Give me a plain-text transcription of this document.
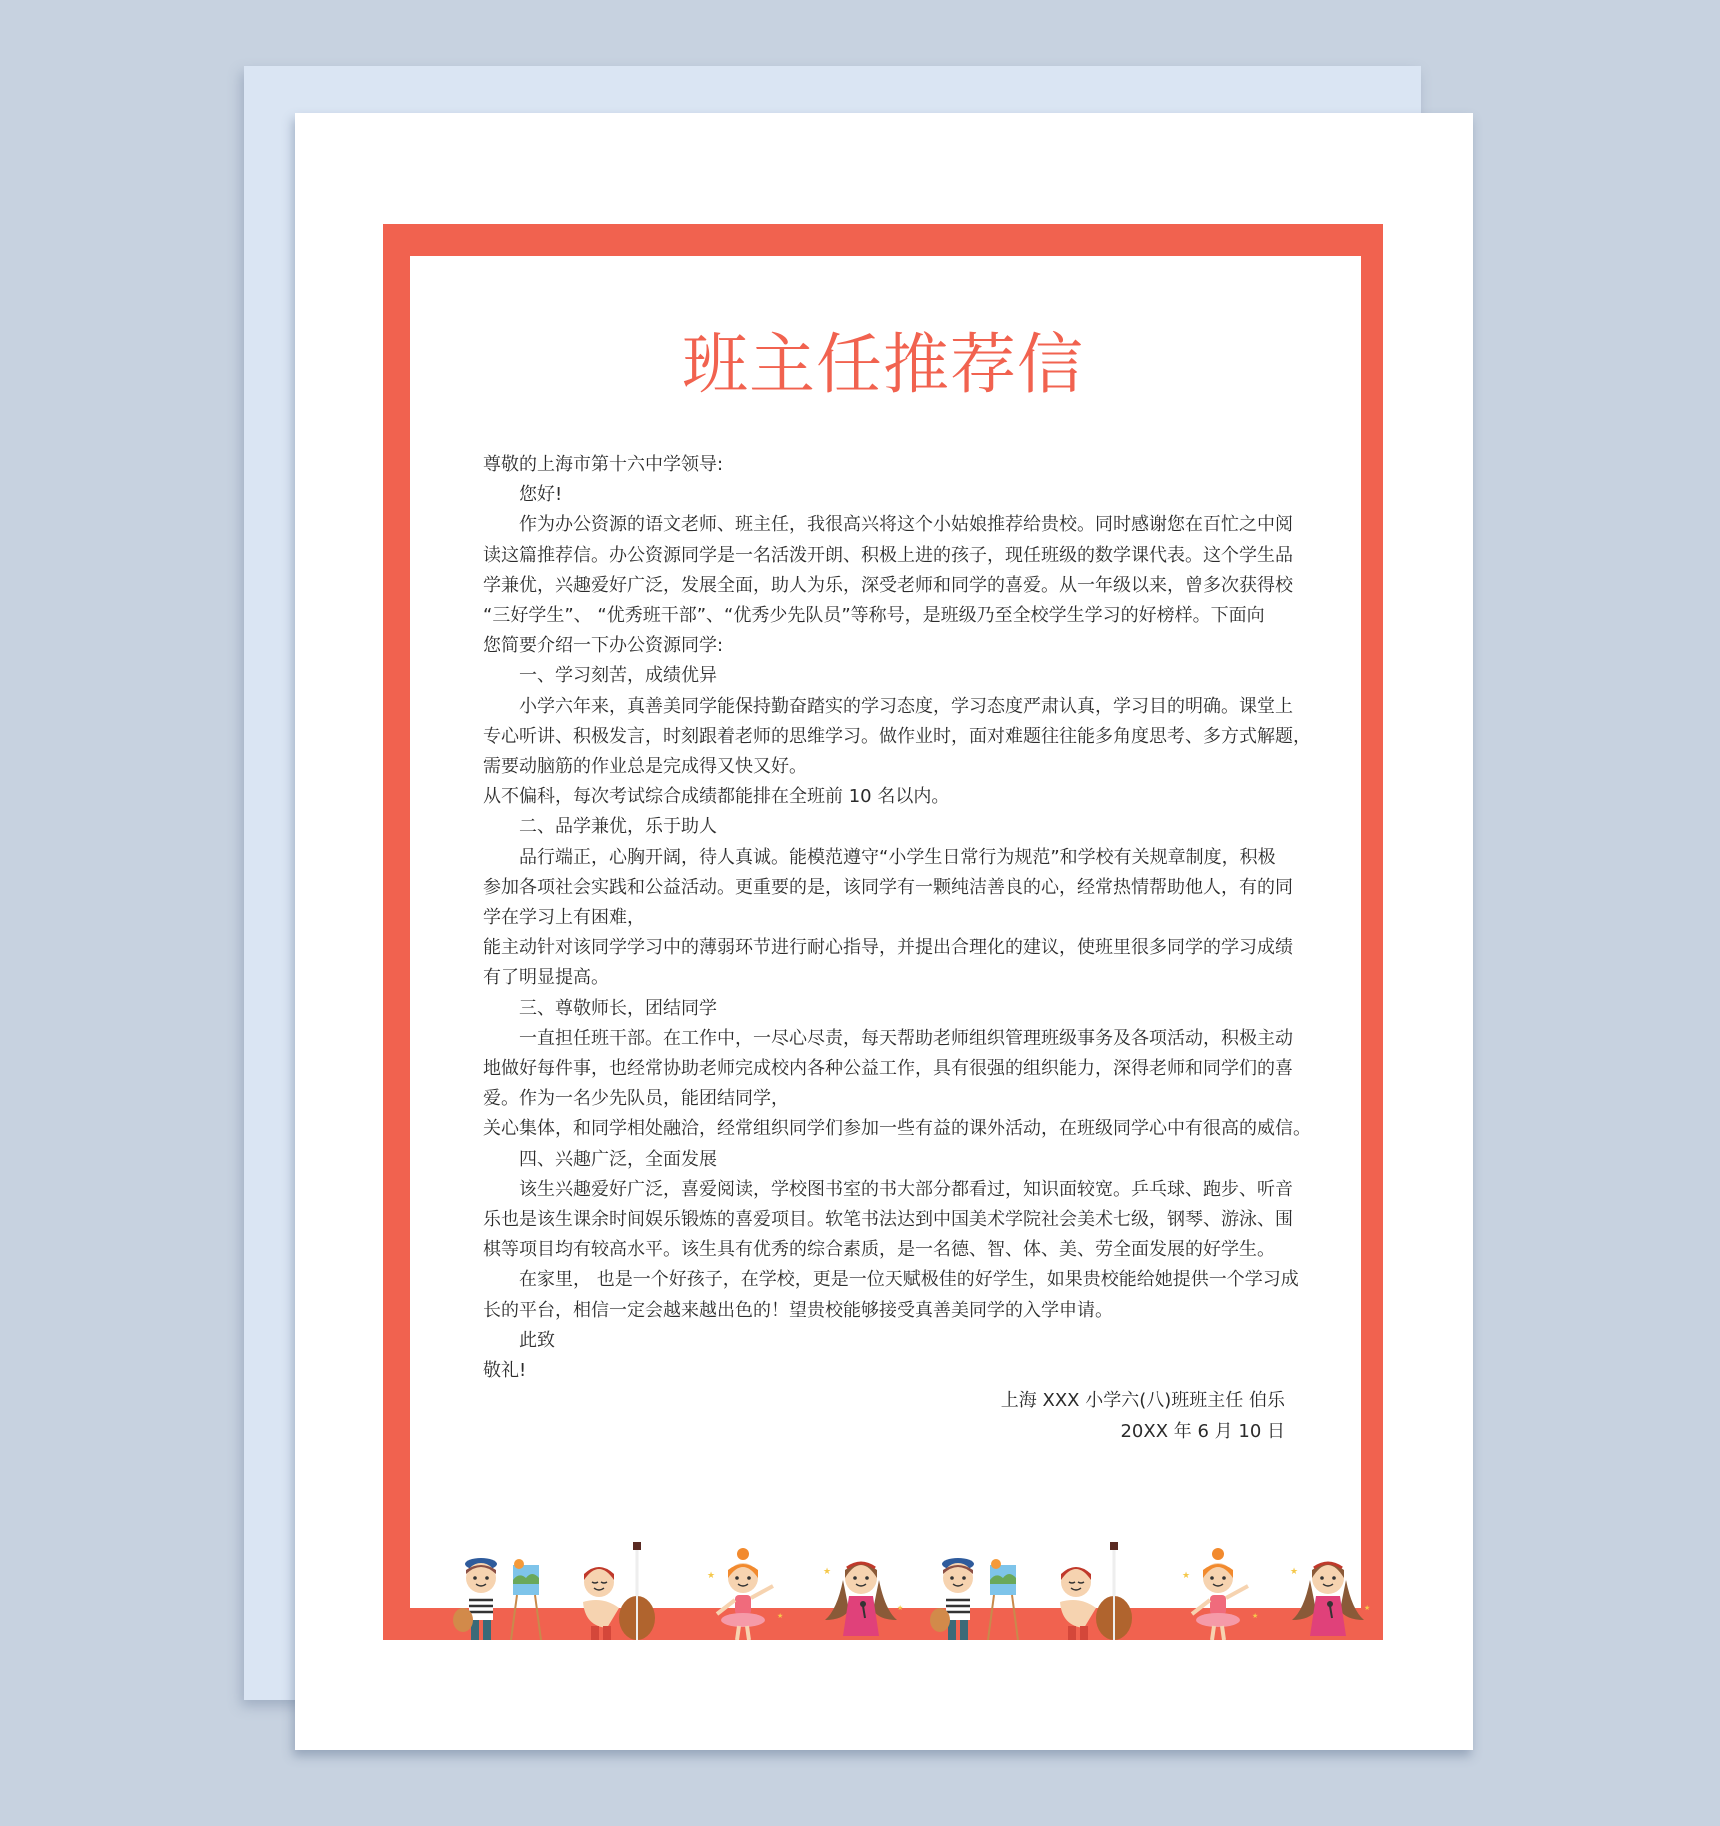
班主任推荐信

尊敬的上海市第十六中学领导:

您好!

作为办公资源的语文老师、班主任，我很高兴将这个小姑娘推荐给贵校。同时感谢您在百忙之中阅

读这篇推荐信。办公资源同学是一名活泼开朗、积极上进的孩子，现任班级的数学课代表。这个学生品

学兼优，兴趣爱好广泛，发展全面，助人为乐，深受老师和同学的喜爱。从一年级以来，曾多次获得校

“三好学生”、 “优秀班干部”、“优秀少先队员”等称号，是班级乃至全校学生学习的好榜样。下面向

您简要介绍一下办公资源同学:

一、学习刻苦，成绩优异

小学六年来，真善美同学能保持勤奋踏实的学习态度，学习态度严肃认真，学习目的明确。课堂上

专心听讲、积极发言，时刻跟着老师的思维学习。做作业时，面对难题往往能多角度思考、多方式解题，

需要动脑筋的作业总是完成得又快又好。

从不偏科，每次考试综合成绩都能排在全班前 10 名以内。

二、品学兼优，乐于助人

品行端正，心胸开阔，待人真诚。能模范遵守“小学生日常行为规范”和学校有关规章制度，积极

参加各项社会实践和公益活动。更重要的是，该同学有一颗纯洁善良的心，经常热情帮助他人，有的同

学在学习上有困难，

能主动针对该同学学习中的薄弱环节进行耐心指导，并提出合理化的建议，使班里很多同学的学习成绩

有了明显提高。

三、尊敬师长，团结同学

一直担任班干部。在工作中，一尽心尽责，每天帮助老师组织管理班级事务及各项活动，积极主动

地做好每件事，也经常协助老师完成校内各种公益工作，具有很强的组织能力，深得老师和同学们的喜

爱。作为一名少先队员，能团结同学，

关心集体，和同学相处融洽，经常组织同学们参加一些有益的课外活动，在班级同学心中有很高的威信。

四、兴趣广泛，全面发展

该生兴趣爱好广泛，喜爱阅读，学校图书室的书大部分都看过，知识面较宽。乒乓球、跑步、听音

乐也是该生课余时间娱乐锻炼的喜爱项目。软笔书法达到中国美术学院社会美术七级，钢琴、游泳、围

棋等项目均有较高水平。该生具有优秀的综合素质，是一名德、智、体、美、劳全面发展的好学生。

在家里， 也是一个好孩子，在学校，更是一位天赋极佳的好学生，如果贵校能给她提供一个学习成

长的平台，相信一定会越来越出色的！望贵校能够接受真善美同学的入学申请。

此致

敬礼!

上海 XXX 小学六(八)班班主任 伯乐

20XX 年 6 月 10 日

★
★
★
★
★
★
★
★
